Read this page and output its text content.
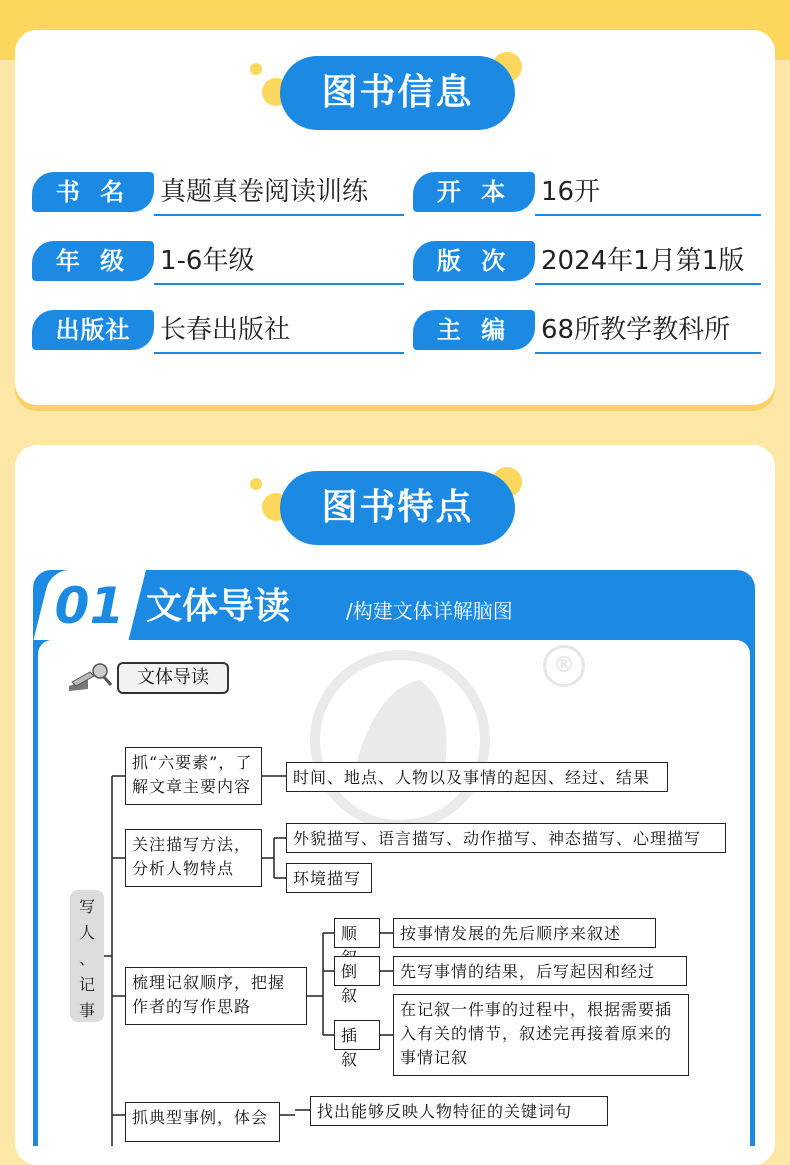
图书信息
书 名	真题真卷阅读训练	开 本	16开
年 级	1-6年级	版 次	2024年1月第1版
出版社	长春出版社	主 编	68所教学教科所
图书特点
01 文体导读	/构建文体详解脑图
®
文体导读
写
人
、
记
事
抓“六要素”，了解文章主要内容	时间、地点、人物以及事情的起因、经过、结果
关注描写方法，分析人物特点
外貌描写、语言描写、动作描写、神态描写、心理描写
环境描写
梳理记叙顺序，把握作者的写作思路
顺	按事情发展的先后顺序来叙述
倒叙
先写事情的结果，后写起因和经过
插叙
在记叙一件事的过程中，根据需要插入有关的情节，叙述完再接着原来的事情记叙
抓典型事例，体会	找出能够反映人物特征的关键词句
